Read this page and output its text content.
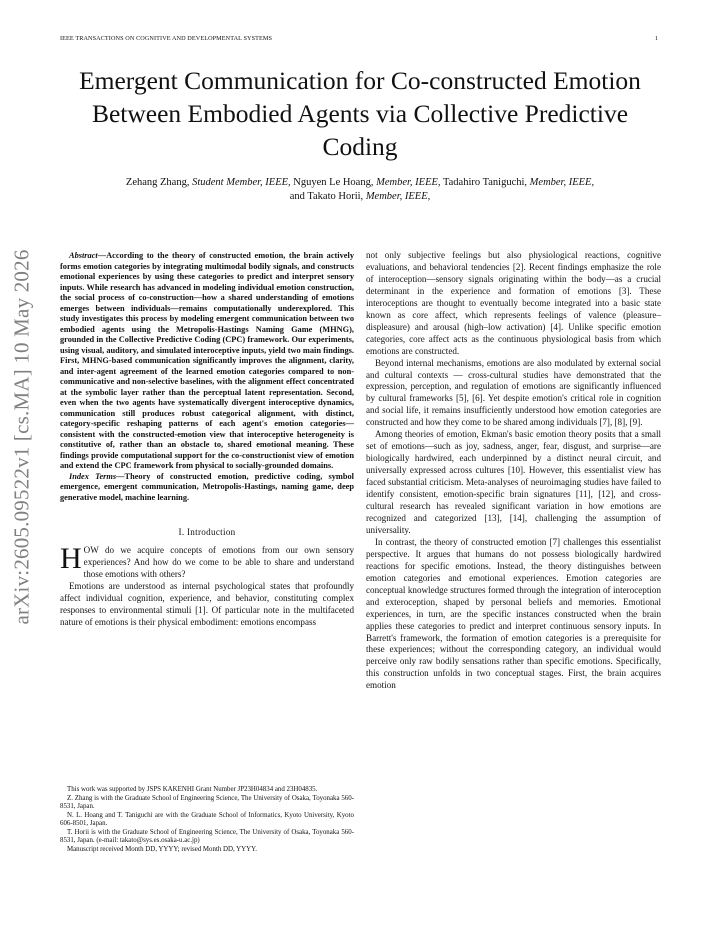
IEEE TRANSACTIONS ON COGNITIVE AND DEVELOPMENTAL SYSTEMS	1
arXiv:2605.09522v1 [cs.MA] 10 May 2026
Emergent Communication for Co-constructed Emotion Between Embodied Agents via Collective Predictive Coding
Zehang Zhang, Student Member, IEEE, Nguyen Le Hoang, Member, IEEE, Tadahiro Taniguchi, Member, IEEE,
and Takato Horii, Member, IEEE,

Abstract—According to the theory of constructed emotion, the brain actively forms emotion categories by integrating multimodal bodily signals, and constructs emotional experiences by using these categories to predict and interpret sensory inputs. While research has advanced in modeling individual emotion construction, the social process of co-construction—how a shared understanding of emotions emerges between individuals—remains computationally underexplored. This study investigates this process by modeling emergent communication between two embodied agents using the Metropolis-Hastings Naming Game (MHNG), grounded in the Collective Predictive Coding (CPC) framework. Our experiments, using visual, auditory, and simulated interoceptive inputs, yield two main findings. First, MHNG-based communication significantly improves the alignment, clarity, and inter-agent agreement of the learned emotion categories compared to non-communicative and non-selective baselines, with the alignment effect concentrated at the symbolic layer rather than the perceptual latent representation. Second, even when the two agents have systematically divergent interoceptive dynamics, communication still produces robust categorical alignment, with distinct, category-specific reshaping patterns of each agent's emotion categories—consistent with the constructed-emotion view that interoceptive heterogeneity is constitutive of, rather than an obstacle to, shared emotional meaning. These findings provide computational support for the co-constructionist view of emotion and extend the CPC framework from physical to socially-grounded domains.

Index Terms—Theory of constructed emotion, predictive coding, symbol emergence, emergent communication, Metropolis-Hastings, naming game, deep generative model, machine learning.

I. Introduction

HOW do we acquire concepts of emotions from our own sensory experiences? And how do we come to be able to share and understand those emotions with others?

Emotions are understood as internal psychological states that profoundly affect individual cognition, experience, and behavior, constituting complex responses to environmental stimuli [1]. Of particular note in the multifaceted nature of emotions is their physical embodiment: emotions encompass

This work was supported by JSPS KAKENHI Grant Number JP23H04834 and 23H04835.

Z. Zhang is with the Graduate School of Engineering Science, The University of Osaka, Toyonaka 560-8531, Japan.

N. L. Hoang and T. Taniguchi are with the Graduate School of Informatics, Kyoto University, Kyoto 606-8501, Japan.

T. Horii is with the Graduate School of Engineering Science, The University of Osaka, Toyonaka 560-8531, Japan. (e-mail: takato@sys.es.osaka-u.ac.jp)

Manuscript received Month DD, YYYY; revised Month DD, YYYY.

not only subjective feelings but also physiological reactions, cognitive evaluations, and behavioral tendencies [2]. Recent findings emphasize the role of interoception—sensory signals originating within the body—as a crucial determinant in the experience and formation of emotions [3]. These interoceptions are thought to eventually become integrated into a basic state known as core affect, which represents feelings of valence (pleasure–displeasure) and arousal (high–low activation) [4]. Unlike specific emotion categories, core affect acts as the continuous physiological basis from which emotions are constructed.

Beyond internal mechanisms, emotions are also modulated by external social and cultural contexts — cross-cultural studies have demonstrated that the expression, perception, and regulation of emotions are significantly influenced by cultural frameworks [5], [6]. Yet despite emotion's critical role in cognition and social life, it remains insufficiently understood how emotion categories are constructed and how they come to be shared among individuals [7], [8], [9].

Among theories of emotion, Ekman's basic emotion theory posits that a small set of emotions—such as joy, sadness, anger, fear, disgust, and surprise—are biologically hardwired, each underpinned by a distinct neural circuit, and universally expressed across cultures [10]. However, this essentialist view has faced substantial criticism. Meta-analyses of neuroimaging studies have failed to identify consistent, emotion-specific brain signatures [11], [12], and cross-cultural research has revealed significant variation in how emotions are recognized and categorized [13], [14], challenging the assumption of universality.

In contrast, the theory of constructed emotion [7] challenges this essentialist perspective. It argues that humans do not possess biologically hardwired reactions for specific emotions. Instead, the theory distinguishes between emotion categories and emotional experiences. Emotion categories are conceptual knowledge structures formed through the integration of interoception and exteroception, shaped by personal beliefs and memories. Emotional experiences, in turn, are the specific instances constructed when the brain applies these categories to predict and interpret continuous sensory inputs. In Barrett's framework, the formation of emotion categories is a prerequisite for these experiences; without the corresponding category, an individual would perceive only raw bodily sensations rather than specific emotions. Specifically, this construction unfolds in two conceptual stages. First, the brain acquires emotion
